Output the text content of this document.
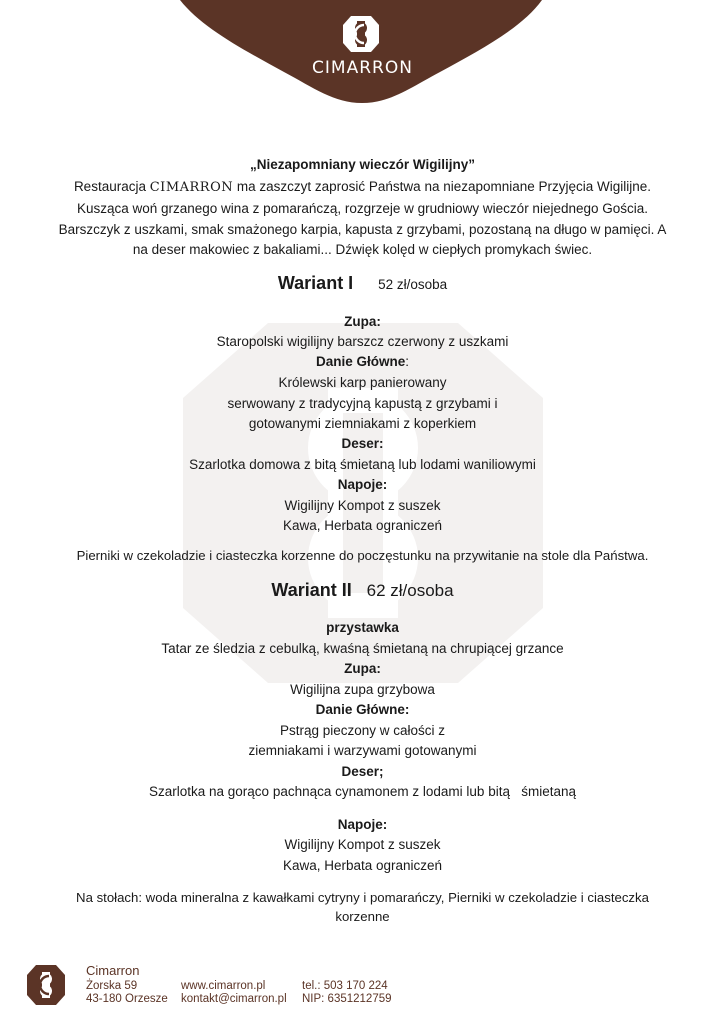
CIMARRON
„Niezapomniany wieczór Wigilijny”
Restauracja CIMARRON ma zaszczyt zaprosić Państwa na niezapomniane Przyjęcia Wigilijne. Kusząca woń grzanego wina z pomarańczą, rozgrzeje w grudniowy wieczór niejednego Gościa. Barszczyk z uszkami, smak smażonego karpia, kapusta z grzybami, pozostaną na długo w pamięci. A na deser makowiec z bakaliami... Dźwięk kolęd w ciepłych promykach świec.
Wariant I 52 zł/osoba
Zupa:
Staropolski wigilijny barszcz czerwony z uszkami
Danie Główne:
Królewski karp panierowany
serwowany z tradycyjną kapustą z grzybami i
gotowanymi ziemniakami z koperkiem
Deser:
Szarlotka domowa z bitą śmietaną lub lodami waniliowymi
Napoje:
Wigilijny Kompot z suszek
Kawa, Herbata ograniczeń
Pierniki w czekoladzie i ciasteczka korzenne do poczęstunku na przywitanie na stole dla Państwa.
Wariant II 62 zł/osoba
przystawka
Tatar ze śledzia z cebulką, kwaśną śmietaną na chrupiącej grzance
Zupa:
Wigilijna zupa grzybowa
Danie Główne:
Pstrąg pieczony w całości z
ziemniakami i warzywami gotowanymi
Deser;
Szarlotka na gorąco pachnąca cynamonem z lodami lub bitą   śmietaną
Napoje:
Wigilijny Kompot z suszek
Kawa, Herbata ograniczeń
Na stołach: woda mineralna z kawałkami cytryny i pomarańczy, Pierniki w czekoladzie i ciasteczka
korzenne
Cimarron
Żorska 59
43-180 Orzesze
www.cimarron.pl
kontakt@cimarron.pl
tel.: 503 170 224
NIP: 6351212759
